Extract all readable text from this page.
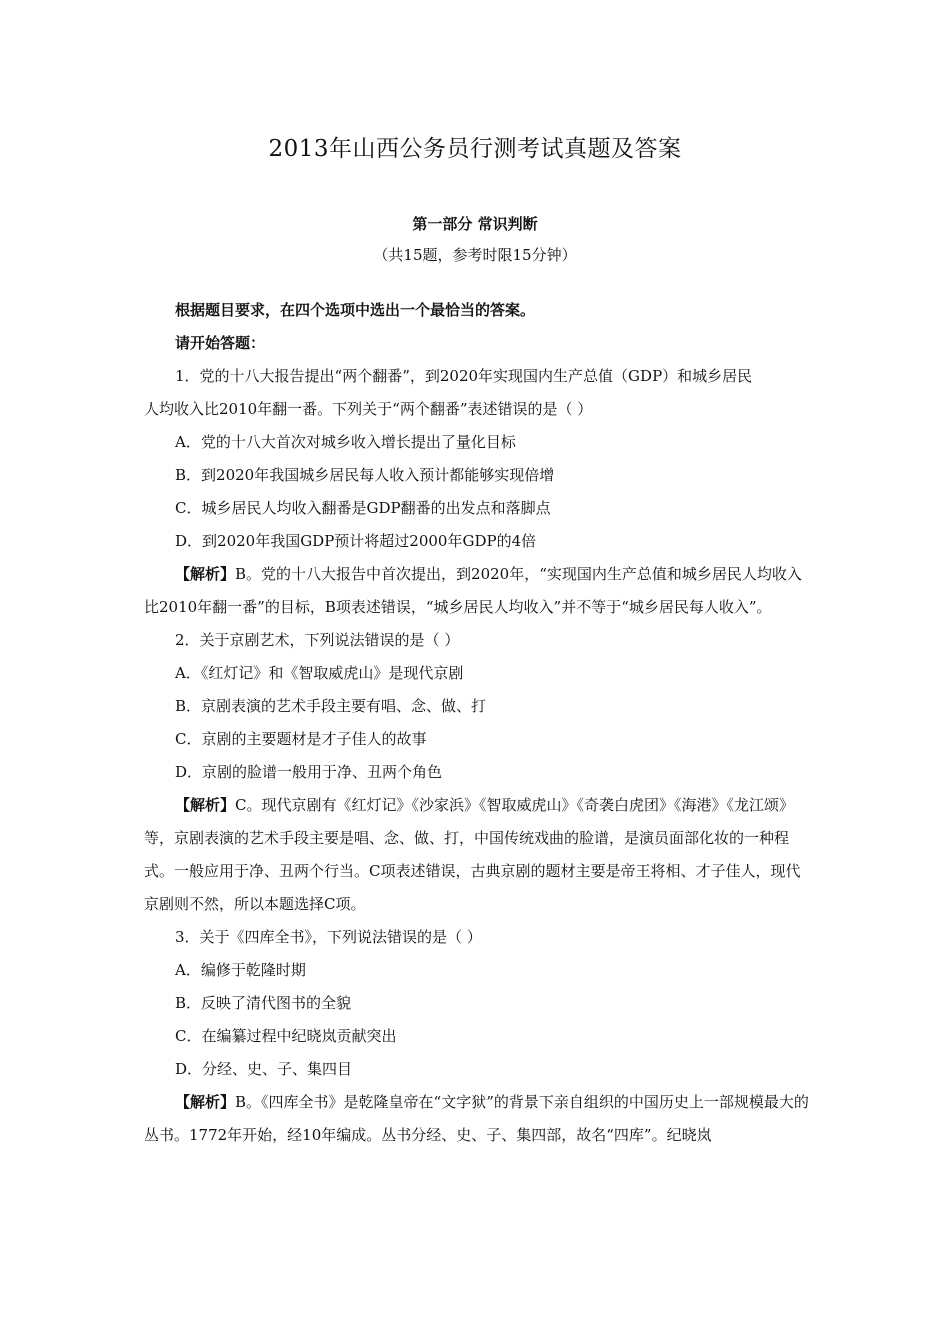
2013年山西公务员行测考试真题及答案
第一部分 常识判断

（共15题，参考时限15分钟）

根据题目要求，在四个选项中选出一个最恰当的答案。

请开始答题：

1．党的十八大报告提出“两个翻番”，到2020年实现国内生产总值（GDP）和城乡居民

人均收入比2010年翻一番。下列关于“两个翻番”表述错误的是（ ）

A．党的十八大首次对城乡收入增长提出了量化目标

B．到2020年我国城乡居民每人收入预计都能够实现倍增

C．城乡居民人均收入翻番是GDP翻番的出发点和落脚点

D．到2020年我国GDP预计将超过2000年GDP的4倍

【解析】B。党的十八大报告中首次提出，到2020年，“实现国内生产总值和城乡居民人均收入比2010年翻一番”的目标，B项表述错误，“城乡居民人均收入”并不等于“城乡居民每人收入”。

2．关于京剧艺术，下列说法错误的是（ ）

A．《红灯记》和《智取威虎山》是现代京剧

B．京剧表演的艺术手段主要有唱、念、做、打

C．京剧的主要题材是才子佳人的故事

D．京剧的脸谱一般用于净、丑两个角色

【解析】C。现代京剧有《红灯记》《沙家浜》《智取威虎山》《奇袭白虎团》《海港》《龙江颂》等，京剧表演的艺术手段主要是唱、念、做、打，中国传统戏曲的脸谱，是演员面部化妆的一种程式。一般应用于净、丑两个行当。C项表述错误，古典京剧的题材主要是帝王将相、才子佳人，现代京剧则不然，所以本题选择C项。

3．关于《四库全书》，下列说法错误的是（ ）

A．编修于乾隆时期

B．反映了清代图书的全貌

C．在编纂过程中纪晓岚贡献突出

D．分经、史、子、集四目

【解析】B。《四库全书》是乾隆皇帝在“文字狱”的背景下亲自组织的中国历史上一部规模最大的丛书。1772年开始，经10年编成。丛书分经、史、子、集四部，故名“四库”。纪晓岚
